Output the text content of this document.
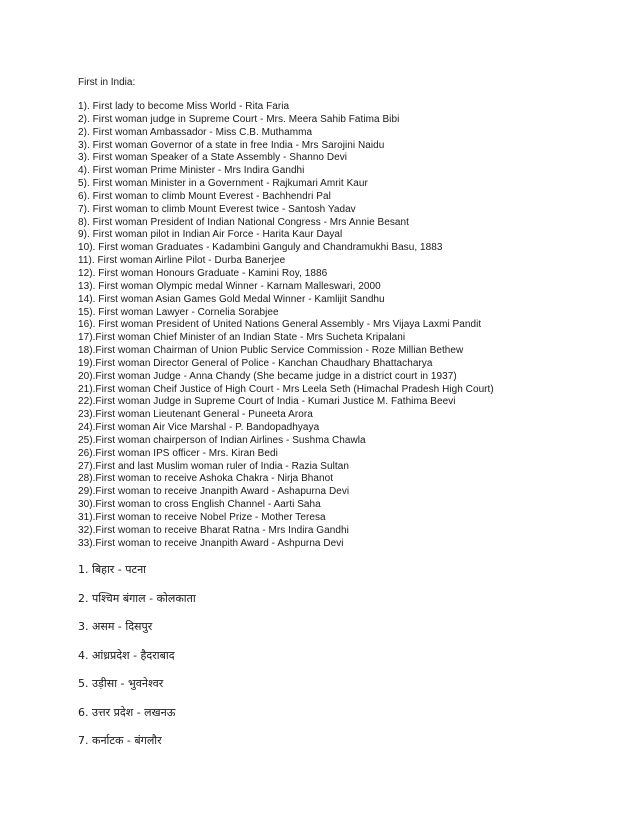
First in India:
1). First lady to become Miss World - Rita Faria
2). First woman judge in Supreme Court - Mrs. Meera Sahib Fatima Bibi
2). First woman Ambassador - Miss C.B. Muthamma
3). First woman Governor of a state in free India - Mrs Sarojini Naidu
3). First woman Speaker of a State Assembly - Shanno Devi
4). First woman Prime Minister - Mrs Indira Gandhi
5). First woman Minister in a Government - Rajkumari Amrit Kaur
6). First woman to climb Mount Everest - Bachhendri Pal
7). First woman to climb Mount Everest twice - Santosh Yadav
8). First woman President of Indian National Congress - Mrs Annie Besant
9). First woman pilot in Indian Air Force - Harita Kaur Dayal
10). First woman Graduates - Kadambini Ganguly and Chandramukhi Basu, 1883
11). First woman Airline Pilot - Durba Banerjee
12). First woman Honours Graduate - Kamini Roy, 1886
13). First woman Olympic medal Winner - Karnam Malleswari, 2000
14). First woman Asian Games Gold Medal Winner - Kamlijit Sandhu
15). First woman Lawyer - Cornelia Sorabjee
16). First woman President of United Nations General Assembly - Mrs Vijaya Laxmi Pandit
17).First woman Chief Minister of an Indian State - Mrs Sucheta Kripalani
18).First woman Chairman of Union Public Service Commission - Roze Millian Bethew
19).First woman Director General of Police - Kanchan Chaudhary Bhattacharya
20).First woman Judge - Anna Chandy (She became judge in a district court in 1937)
21).First woman Cheif Justice of High Court - Mrs Leela Seth (Himachal Pradesh High Court)
22).First woman Judge in Supreme Court of India - Kumari Justice M. Fathima Beevi
23).First woman Lieutenant General - Puneeta Arora
24).First woman Air Vice Marshal - P. Bandopadhyaya
25).First woman chairperson of Indian Airlines - Sushma Chawla
26).First woman IPS officer - Mrs. Kiran Bedi
27).First and last Muslim woman ruler of India - Razia Sultan
28).First woman to receive Ashoka Chakra - Nirja Bhanot
29).First woman to receive Jnanpith Award - Ashapurna Devi
30).First woman to cross English Channel - Aarti Saha
31).First woman to receive Nobel Prize - Mother Teresa
32).First woman to receive Bharat Ratna - Mrs Indira Gandhi
33).First woman to receive Jnanpith Award - Ashpurna Devi
1. बिहार - पटना
2. पश्चिम बंगाल - कोलकाता
3. असम - दिसपुर
4. आंध्रप्रदेश - हैदराबाद
5. उड़ीसा - भुवनेश्वर
6. उत्तर प्रदेश - लखनऊ
7. कर्नाटक - बंगलौर
